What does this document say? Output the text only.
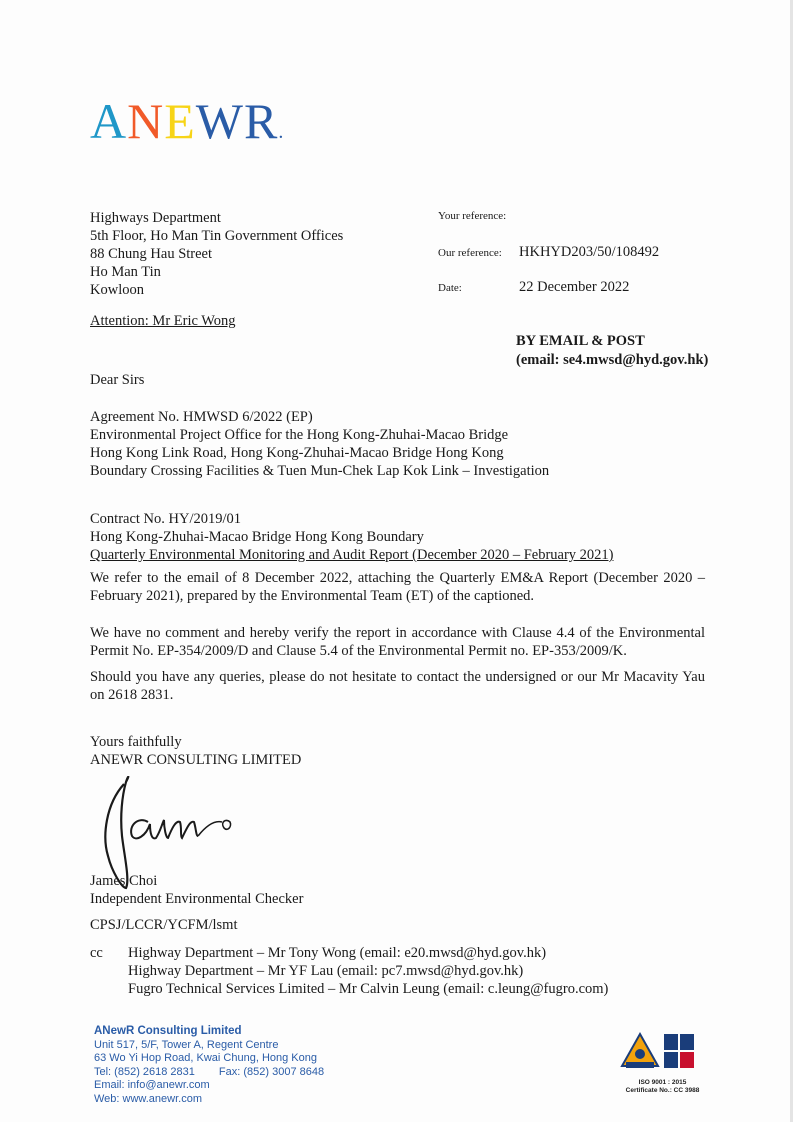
ANEWR.
Highways Department
5th Floor, Ho Man Tin Government Offices
88 Chung Hau Street
Ho Man Tin
Kowloon
Your reference:
Our reference: HKHYD203/50/108492
Date:	22 December 2022
Attention: Mr Eric Wong
BY EMAIL & POST
(email: se4.mwsd@hyd.gov.hk)
Dear Sirs
Agreement No. HMWSD 6/2022 (EP)
Environmental Project Office for the Hong Kong-Zhuhai-Macao Bridge
Hong Kong Link Road, Hong Kong-Zhuhai-Macao Bridge Hong Kong
Boundary Crossing Facilities & Tuen Mun-Chek Lap Kok Link – Investigation
Contract No. HY/2019/01
Hong Kong-Zhuhai-Macao Bridge Hong Kong Boundary
Quarterly Environmental Monitoring and Audit Report (December 2020 – February 2021)
We refer to the email of 8 December 2022, attaching the Quarterly EM&A Report (December 2020 – February 2021), prepared by the Environmental Team (ET) of the captioned.
We have no comment and hereby verify the report in accordance with Clause 4.4 of the Environmental Permit No. EP-354/2009/D and Clause 5.4 of the Environmental Permit no. EP-353/2009/K.
Should you have any queries, please do not hesitate to contact the undersigned or our Mr Macavity Yau on 2618 2831.
Yours faithfully
ANEWR CONSULTING LIMITED
James Choi
Independent Environmental Checker
CPSJ/LCCR/YCFM/lsmt
cc Highway Department – Mr Tony Wong (email: e20.mwsd@hyd.gov.hk)
Highway Department – Mr YF Lau (email: pc7.mwsd@hyd.gov.hk)
Fugro Technical Services Limited – Mr Calvin Leung (email: c.leung@fugro.com)
ANewR Consulting Limited
Unit 517, 5/F, Tower A, Regent Centre
63 Wo Yi Hop Road, Kwai Chung, Hong Kong
Tel: (852) 2618 2831 Fax: (852) 3007 8648
Email: info@anewr.com
Web: www.anewr.com
ISO 9001 : 2015
Certificate No.: CC 3988
